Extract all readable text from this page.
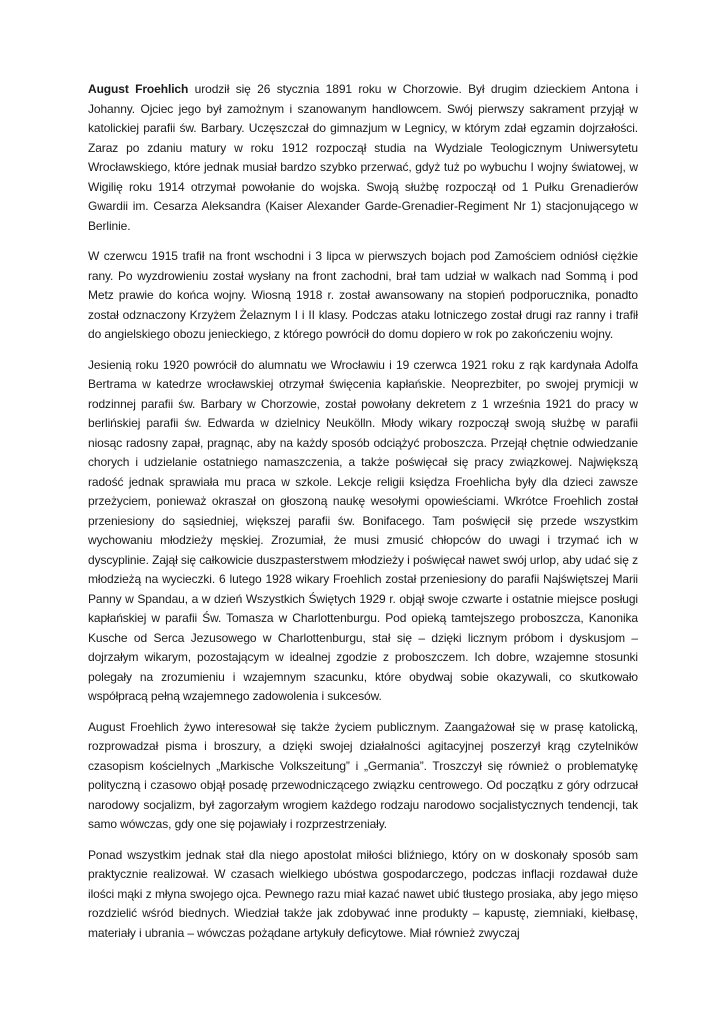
August Froehlich urodził się 26 stycznia 1891 roku w Chorzowie. Był drugim dzieckiem Antona i Johanny. Ojciec jego był zamożnym i szanowanym handlowcem. Swój pierwszy sakrament przyjął w katolickiej parafii św. Barbary. Uczęszczał do gimnazjum w Legnicy, w którym zdał egzamin dojrzałości. Zaraz po zdaniu matury w roku 1912 rozpoczął studia na Wydziale Teologicznym Uniwersytetu Wrocławskiego, które jednak musiał bardzo szybko przerwać, gdyż tuż po wybuchu I wojny światowej, w Wigilię roku 1914 otrzymał powołanie do wojska. Swoją służbę rozpoczął od 1 Pułku Grenadierów Gwardii im. Cesarza Aleksandra (Kaiser Alexander Garde-Grenadier-Regiment Nr 1) stacjonującego w Berlinie.

W czerwcu 1915 trafił na front wschodni i 3 lipca w pierwszych bojach pod Zamościem odniósł ciężkie rany. Po wyzdrowieniu został wysłany na front zachodni, brał tam udział w walkach nad Sommą i pod Metz prawie do końca wojny. Wiosną 1918 r. został awansowany na stopień podporucznika, ponadto został odznaczony Krzyżem Żelaznym I i II klasy. Podczas ataku lotniczego został drugi raz ranny i trafił do angielskiego obozu jenieckiego, z którego powrócił do domu dopiero w rok po zakończeniu wojny.

Jesienią roku 1920 powrócił do alumnatu we Wrocławiu i 19 czerwca 1921 roku z rąk kardynała Adolfa Bertrama w katedrze wrocławskiej otrzymał święcenia kapłańskie. Neoprezbiter, po swojej prymicji w rodzinnej parafii św. Barbary w Chorzowie, został powołany dekretem z 1 września 1921 do pracy w berlińskiej parafii św. Edwarda w dzielnicy Neukölln. Młody wikary rozpoczął swoją służbę w parafii niosąc radosny zapał, pragnąc, aby na każdy sposób odciążyć proboszcza. Przejął chętnie odwiedzanie chorych i udzielanie ostatniego namaszczenia, a także poświęcał się pracy związkowej. Największą radość jednak sprawiała mu praca w szkole. Lekcje religii księdza Froehlicha były dla dzieci zawsze przeżyciem, ponieważ okraszał on głoszoną naukę wesołymi opowieściami. Wkrótce Froehlich został przeniesiony do sąsiedniej, większej parafii św. Bonifacego. Tam poświęcił się przede wszystkim wychowaniu młodzieży męskiej. Zrozumiał, że musi zmusić chłopców do uwagi i trzymać ich w dyscyplinie. Zajął się całkowicie duszpasterstwem młodzieży i poświęcał nawet swój urlop, aby udać się z młodzieżą na wycieczki. 6 lutego 1928 wikary Froehlich został przeniesiony do parafii Najświętszej Marii Panny w Spandau, a w dzień Wszystkich Świętych 1929 r. objął swoje czwarte i ostatnie miejsce posługi kapłańskiej w parafii Św. Tomasza w Charlottenburgu. Pod opieką tamtejszego proboszcza, Kanonika Kusche od Serca Jezusowego w Charlottenburgu, stał się – dzięki licznym próbom i dyskusjom – dojrzałym wikarym, pozostającym w idealnej zgodzie z proboszczem. Ich dobre, wzajemne stosunki polegały na zrozumieniu i wzajemnym szacunku, które obydwaj sobie okazywali, co skutkowało współpracą pełną wzajemnego zadowolenia i sukcesów.

August Froehlich żywo interesował się także życiem publicznym. Zaangażował się w prasę katolicką, rozprowadzał pisma i broszury, a dzięki swojej działalności agitacyjnej poszerzył krąg czytelników czasopism kościelnych „Markische Volkszeitung” i „Germania”. Troszczył się również o problematykę polityczną i czasowo objął posadę przewodniczącego związku centrowego. Od początku z góry odrzucał narodowy socjalizm, był zagorzałym wrogiem każdego rodzaju narodowo socjalistycznych tendencji, tak samo wówczas, gdy one się pojawiały i rozprzestrzeniały.

Ponad wszystkim jednak stał dla niego apostolat miłości bliźniego, który on w doskonały sposób sam praktycznie realizował. W czasach wielkiego ubóstwa gospodarczego, podczas inflacji rozdawał duże ilości mąki z młyna swojego ojca. Pewnego razu miał kazać nawet ubić tłustego prosiaka, aby jego mięso rozdzielić wśród biednych. Wiedział także jak zdobywać inne produkty – kapustę, ziemniaki, kiełbasę, materiały i ubrania – wówczas pożądane artykuły deficytowe. Miał również zwyczaj
